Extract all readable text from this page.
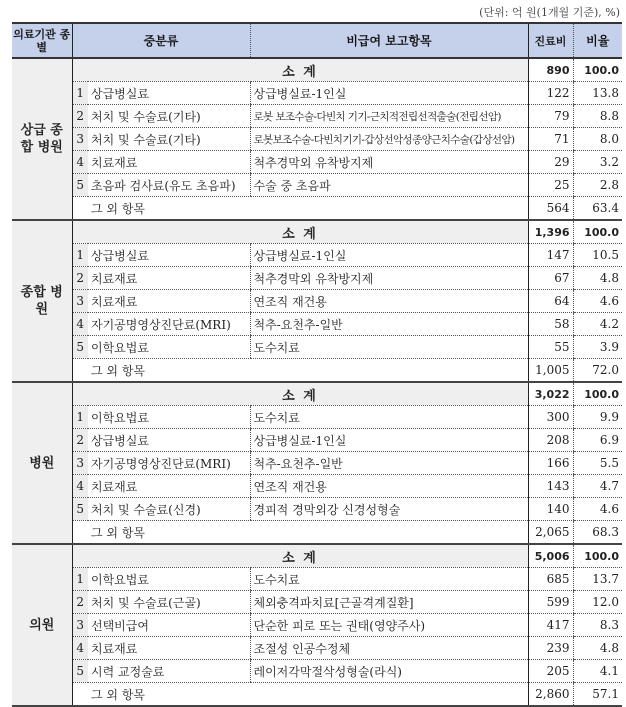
(단위: 억 원(1개월 기준), %)
의료기관 종별	중분류		비급여 보고항목	진료비	비율
상급 종합 병원	소 계			890	100.0
	1	상급병실료	상급병실료-1인실	122	13.8
	2	처치 및 수술료(기타)	로봇 보조수술-다빈치 기기-근치적전립선적출술(전립선암)	79	8.8
	3	처치 및 수술료(기타)	로봇보조수술-다빈치기기-갑상선악성종양근치수술(갑상선암)	71	8.0
	4	치료재료	척추경막외 유착방지제	29	3.2
	5	초음파 검사료(유도 초음파)	수술 중 초음파	25	2.8
		그 외 항목		564	63.4
종합 병원	소 계			1,396	100.0
	1	상급병실료	상급병실료-1인실	147	10.5
	2	치료재료	척추경막외 유착방지제	67	4.8
	3	치료재료	연조직 재건용	64	4.6
	4	자기공명영상진단료(MRI)	척추-요천추-일반	58	4.2
	5	이학요법료	도수치료	55	3.9
		그 외 항목		1,005	72.0
병원	소 계			3,022	100.0
	1	이학요법료	도수치료	300	9.9
	2	상급병실료	상급병실료-1인실	208	6.9
	3	자기공명영상진단료(MRI)	척추-요천추-일반	166	5.5
	4	치료재료	연조직 재건용	143	4.7
	5	처치 및 수술료(신경)	경피적 경막외강 신경성형술	140	4.6
		그 외 항목		2,065	68.3
의원	소 계			5,006	100.0
	1	이학요법료	도수치료	685	13.7
	2	처치 및 수술료(근골)	체외충격파치료[근골격계질환]	599	12.0
	3	선택비급여	단순한 피로 또는 권태(영양주사)	417	8.3
	4	치료재료	조절성 인공수정체	239	4.8
	5	시력 교정술료	레이저각막절삭성형술(라식)	205	4.1
		그 외 항목		2,860	57.1
